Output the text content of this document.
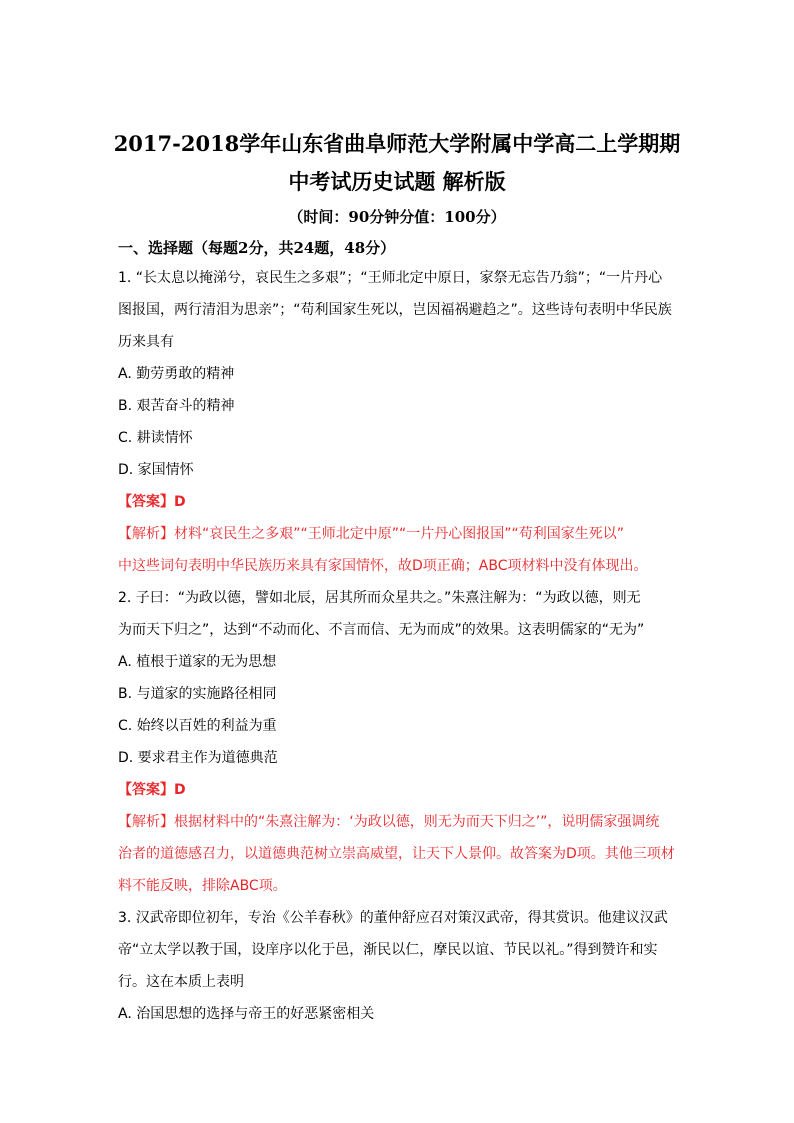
2017-2018学年山东省曲阜师范大学附属中学高二上学期期
中考试历史试题 解析版
（时间：90分钟分值：100分）
一、选择题（每题2分，共24题，48分）
1. “长太息以掩涕兮，哀民生之多艰”；“王师北定中原日，家祭无忘告乃翁”；“一片丹心
图报国，两行清泪为思亲”；“苟利国家生死以，岂因福祸避趋之”。这些诗句表明中华民族
历来具有
A. 勤劳勇敢的精神
B. 艰苦奋斗的精神
C. 耕读情怀
D. 家国情怀
【答案】D
【解析】材料“哀民生之多艰”“王师北定中原”“一片丹心图报国”“苟利国家生死以”
中这些词句表明中华民族历来具有家国情怀，故D项正确；ABC项材料中没有体现出。
2. 子曰：“为政以德，譬如北辰，居其所而众星共之。”朱熹注解为：“为政以德，则无
为而天下归之”，达到“不动而化、不言而信、无为而成”的效果。这表明儒家的“无为”
A. 植根于道家的无为思想
B. 与道家的实施路径相同
C. 始终以百姓的利益为重
D. 要求君主作为道德典范
【答案】D
【解析】根据材料中的“朱熹注解为：‘为政以德，则无为而天下归之’”，说明儒家强调统
治者的道德感召力，以道德典范树立崇高威望，让天下人景仰。故答案为D项。其他三项材
料不能反映，排除ABC项。
3. 汉武帝即位初年，专治《公羊春秋》的董仲舒应召对策汉武帝，得其赏识。他建议汉武
帝“立太学以教于国，设庠序以化于邑，渐民以仁，摩民以谊、节民以礼。”得到赞许和实
行。这在本质上表明
A. 治国思想的选择与帝王的好恶紧密相关
